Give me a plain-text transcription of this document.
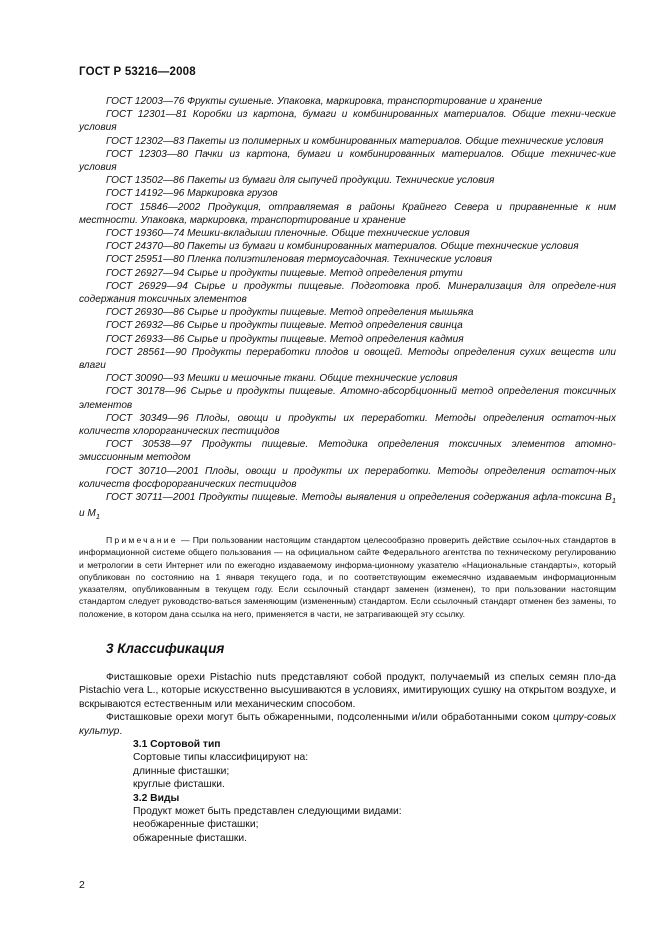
ГОСТ Р 53216—2008

ГОСТ 12003—76 Фрукты сушеные. Упаковка, маркировка, транспортирование и хранение

ГОСТ 12301—81 Коробки из картона, бумаги и комбинированных материалов. Общие техни-ческие условия

ГОСТ 12302—83 Пакеты из полимерных и комбинированных материалов. Общие технические условия

ГОСТ 12303—80 Пачки из картона, бумаги и комбинированных материалов. Общие техничес-кие условия

ГОСТ 13502—86 Пакеты из бумаги для сыпучей продукции. Технические условия

ГОСТ 14192—96 Маркировка грузов

ГОСТ 15846—2002 Продукция, отправляемая в районы Крайнего Севера и приравненные к ним местности. Упаковка, маркировка, транспортирование и хранение

ГОСТ 19360—74 Мешки-вкладыши пленочные. Общие технические условия

ГОСТ 24370—80 Пакеты из бумаги и комбинированных материалов. Общие технические условия

ГОСТ 25951—80 Пленка полиэтиленовая термоусадочная. Технические условия

ГОСТ 26927—94 Сырье и продукты пищевые. Метод определения ртути

ГОСТ 26929—94 Сырье и продукты пищевые. Подготовка проб. Минерализация для определе-ния содержания токсичных элементов

ГОСТ 26930—86 Сырье и продукты пищевые. Метод определения мышьяка

ГОСТ 26932—86 Сырье и продукты пищевые. Метод определения свинца

ГОСТ 26933—86 Сырье и продукты пищевые. Метод определения кадмия

ГОСТ 28561—90 Продукты переработки плодов и овощей. Методы определения сухих веществ или влаги

ГОСТ 30090—93 Мешки и мешочные ткани. Общие технические условия

ГОСТ 30178—96 Сырье и продукты пищевые. Атомно-абсорбционный метод определения токсичных элементов

ГОСТ 30349—96 Плоды, овощи и продукты их переработки. Методы определения остаточ-ных количеств хлорорганических пестицидов

ГОСТ 30538—97 Продукты пищевые. Методика определения токсичных элементов атомно-эмиссионным методом

ГОСТ 30710—2001 Плоды, овощи и продукты их переработки. Методы определения остаточ-ных количеств фосфорорганических пестицидов

ГОСТ 30711—2001 Продукты пищевые. Методы выявления и определения содержания афла-токсина $B_1$ и $M_1$

Примечание — При пользовании настоящим стандартом целесообразно проверить действие ссылоч-ных стандартов в информационной системе общего пользования — на официальном сайте Федерального агентства по техническому регулированию и метрологии в сети Интернет или по ежегодно издаваемому информа-ционному указателю «Национальные стандарты», который опубликован по состоянию на 1 января текущего года, и по соответствующим ежемесячно издаваемым информационным указателям, опубликованным в текущем году. Если ссылочный стандарт заменен (изменен), то при пользовании настоящим стандартом следует руководство-ваться заменяющим (измененным) стандартом. Если ссылочный стандарт отменен без замены, то положение, в котором дана ссылка на него, применяется в части, не затрагивающей эту ссылку.
3 Классификация

Фисташковые орехи Pistachio nuts представляют собой продукт, получаемый из спелых семян пло-да Pistachio vera L., которые искусственно высушиваются в условиях, имитирующих сушку на открытом воздухе, и вскрываются естественным или механическим способом.

Фисташковые орехи могут быть обжаренными, подсоленными и/или обработанными соком цитру-совых культур.

3.1 Сортовой тип

Сортовые типы классифицируют на:

длинные фисташки;

круглые фисташки.

3.2 Виды

Продукт может быть представлен следующими видами:

необжаренные фисташки;

обжаренные фисташки.

2
